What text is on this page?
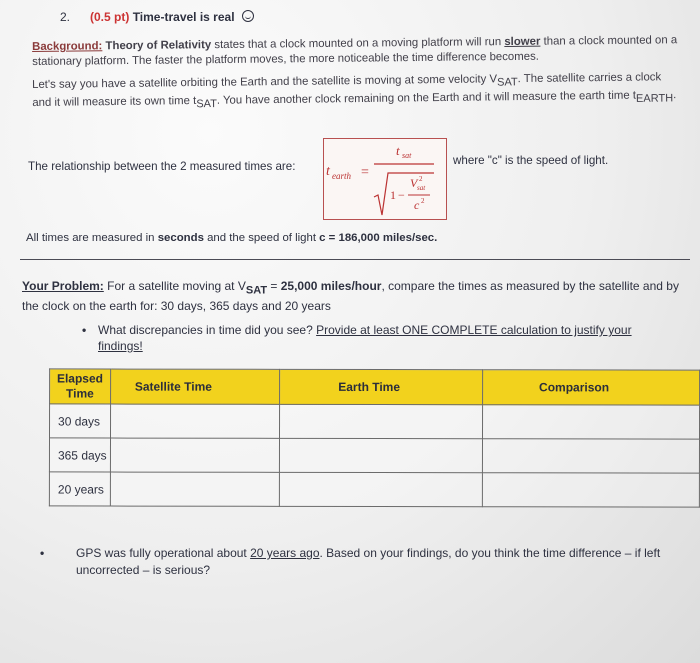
2. (0.5 pt) Time-travel is real
Background: Theory of Relativity states that a clock mounted on a moving platform will run slower than a clock mounted on a stationary platform. The faster the platform moves, the more noticeable the time difference becomes.
Let's say you have a satellite orbiting the Earth and the satellite is moving at some velocity $V_{SAT}$. The satellite carries a clock and it will measure its own time $t_{SAT}$. You have another clock remaining on the Earth and it will measure the earth time $t_{EARTH}$.
The relationship between the 2 measured times are: t earth =
t sat
1 −
V 2
sat
c 2
where "c" is the speed of light.
All times are measured in seconds and the speed of light c = 186,000 miles/sec.
Your Problem: For a satellite moving at $V_{SAT} = 25,000$ miles/hour, compare the times as measured by the satellite and by the clock on the earth for: 30 days, 365 days and 20 years
• What discrepancies in time did you see? Provide at least ONE COMPLETE calculation to justify your findings!
Elapsed Time	Satellite Time	Earth Time	Comparison
30 days			
365 days			
20 years			
•	GPS was fully operational about 20 years ago. Based on your findings, do you think the time difference – if left uncorrected – is serious?
